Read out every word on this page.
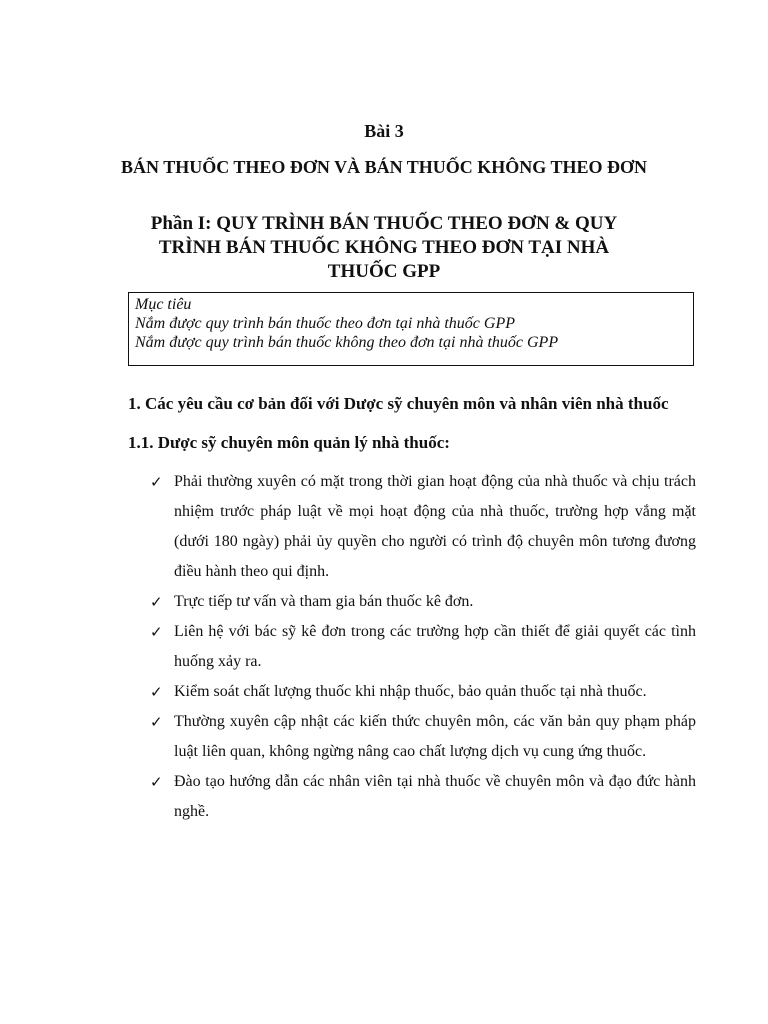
Bài 3
BÁN THUỐC THEO ĐƠN VÀ BÁN THUỐC KHÔNG THEO ĐƠN
Phần I: QUY TRÌNH BÁN THUỐC THEO ĐƠN & QUY TRÌNH BÁN THUỐC KHÔNG THEO ĐƠN TẠI NHÀ THUỐC GPP
Mục tiêu
Nắm được quy trình bán thuốc theo đơn tại nhà thuốc GPP
Nắm được quy trình bán thuốc không theo đơn tại nhà thuốc GPP
1. Các yêu cầu cơ bản đối với Dược sỹ chuyên môn và nhân viên nhà thuốc
1.1. Dược sỹ chuyên môn quản lý nhà thuốc:
✓ Phải thường xuyên có mặt trong thời gian hoạt động của nhà thuốc và chịu trách nhiệm trước pháp luật về mọi hoạt động của nhà thuốc, trường hợp vắng mặt (dưới 180 ngày) phải ủy quyền cho người có trình độ chuyên môn tương đương điều hành theo qui định.
✓ Trực tiếp tư vấn và tham gia bán thuốc kê đơn.
✓ Liên hệ với bác sỹ kê đơn trong các trường hợp cần thiết để giải quyết các tình huống xảy ra.
✓ Kiểm soát chất lượng thuốc khi nhập thuốc, bảo quản thuốc tại nhà thuốc.
✓ Thường xuyên cập nhật các kiến thức chuyên môn, các văn bản quy phạm pháp luật liên quan, không ngừng nâng cao chất lượng dịch vụ cung ứng thuốc.
✓ Đào tạo hướng dẫn các nhân viên tại nhà thuốc về chuyên môn và đạo đức hành nghề.
